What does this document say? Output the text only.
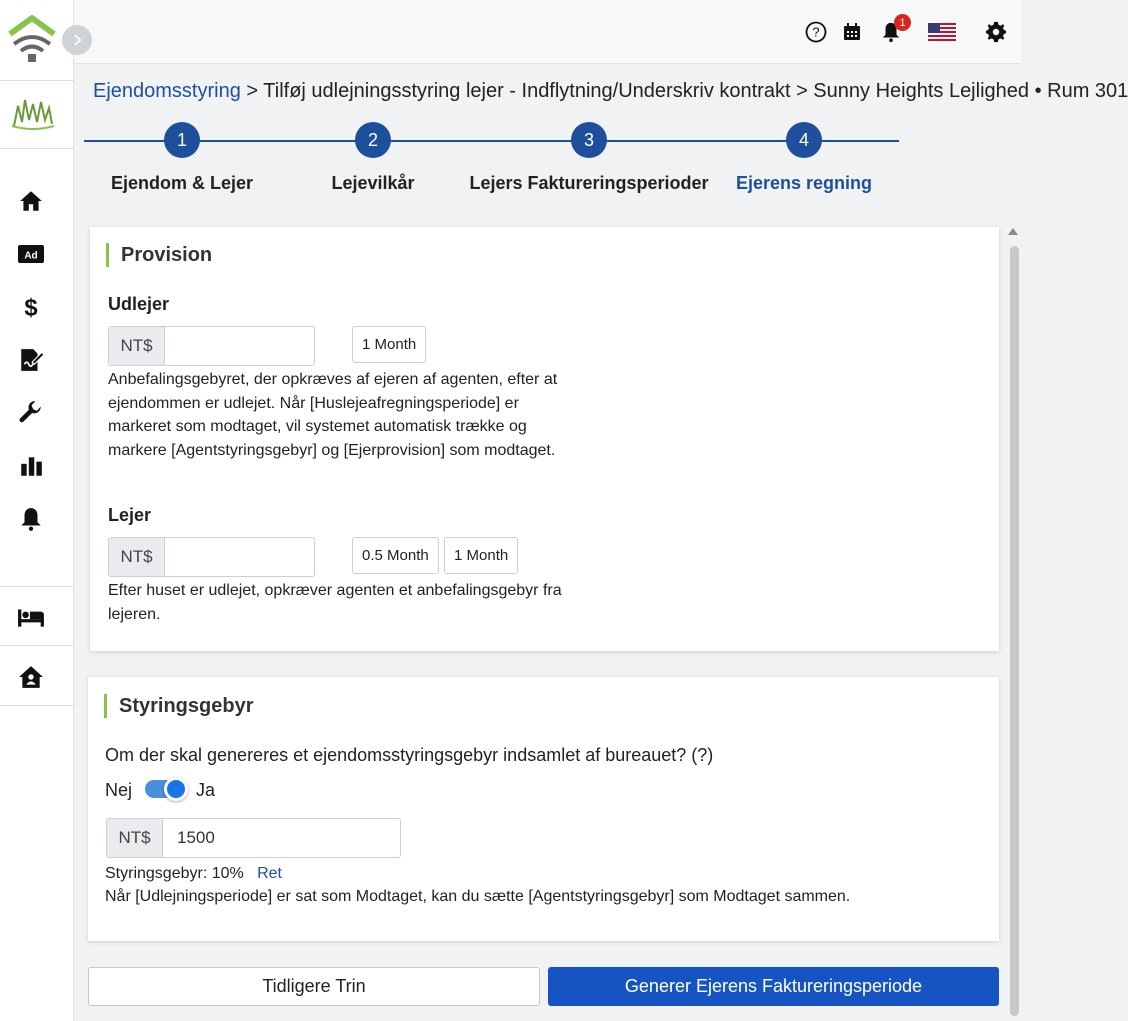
Ad
$
?
1
Ejendomsstyring > Tilføj udlejningsstyring lejer - Indflytning/Underskriv kontrakt > Sunny Heights Lejlighed • Rum 301
1	2	3	4
Ejendom & Lejer	Lejevilkår	Lejers Faktureringsperioder Ejerens regning
Provision
Udlejer
NT$	1 Month
Anbefalingsgebyret, der opkræves af ejeren af agenten, efter at ejendommen er udlejet. Når [Huslejeafregningsperiode] er markeret som modtaget, vil systemet automatisk trække og markere [Agentstyringsgebyr] og [Ejerprovision] som modtaget.
Lejer
NT$	0.5 Month	1 Month
Efter huset er udlejet, opkræver agenten et anbefalingsgebyr fra lejeren.
Styringsgebyr
Om der skal genereres et ejendomsstyringsgebyr indsamlet af bureauet? (?)
Nej	Ja
NT$	1500
Styringsgebyr: 10% Ret
Når [Udlejningsperiode] er sat som Modtaget, kan du sætte [Agentstyringsgebyr] som Modtaget sammen.
Tidligere Trin	Generer Ejerens Faktureringsperiode
